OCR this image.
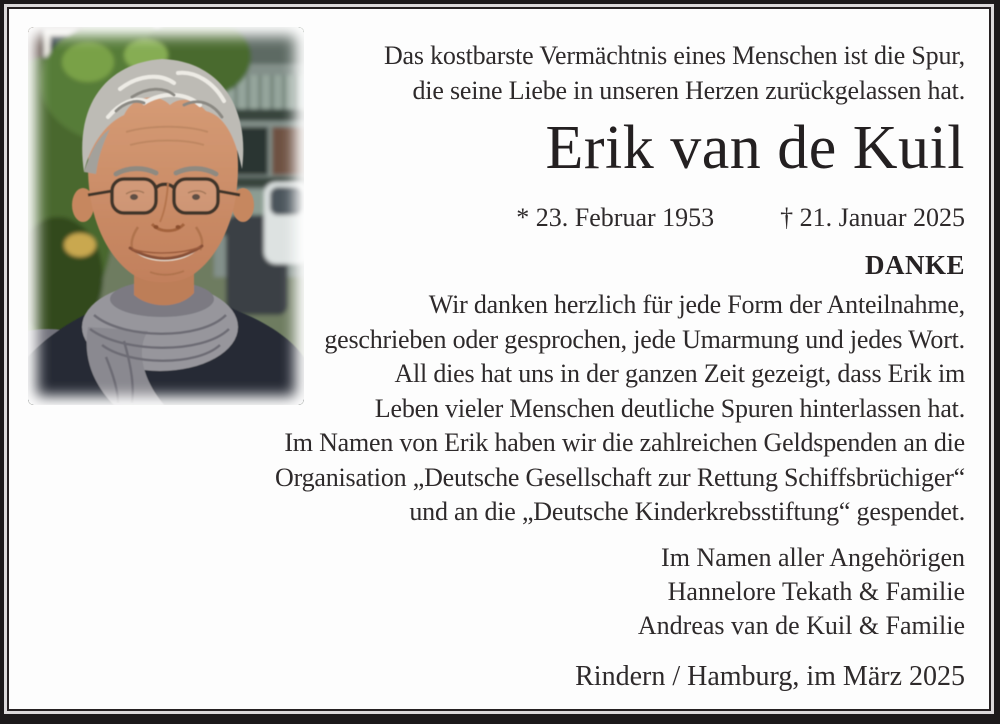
Das kostbarste Vermächtnis eines Menschen ist die Spur,
die seine Liebe in unseren Herzen zurückgelassen hat.
Erik van de Kuil
* 23. Februar 1953	† 21. Januar 2025
DANKE
Wir danken herzlich für jede Form der Anteilnahme,
geschrieben oder gesprochen, jede Umarmung und jedes Wort.
All dies hat uns in der ganzen Zeit gezeigt, dass Erik im
Leben vieler Menschen deutliche Spuren hinterlassen hat.
Im Namen von Erik haben wir die zahlreichen Geldspenden an die
Organisation „Deutsche Gesellschaft zur Rettung Schiffsbrüchiger“
und an die „Deutsche Kinderkrebsstiftung“ gespendet.
Im Namen aller Angehörigen
Hannelore Tekath & Familie
Andreas van de Kuil & Familie
Rindern / Hamburg, im März 2025
